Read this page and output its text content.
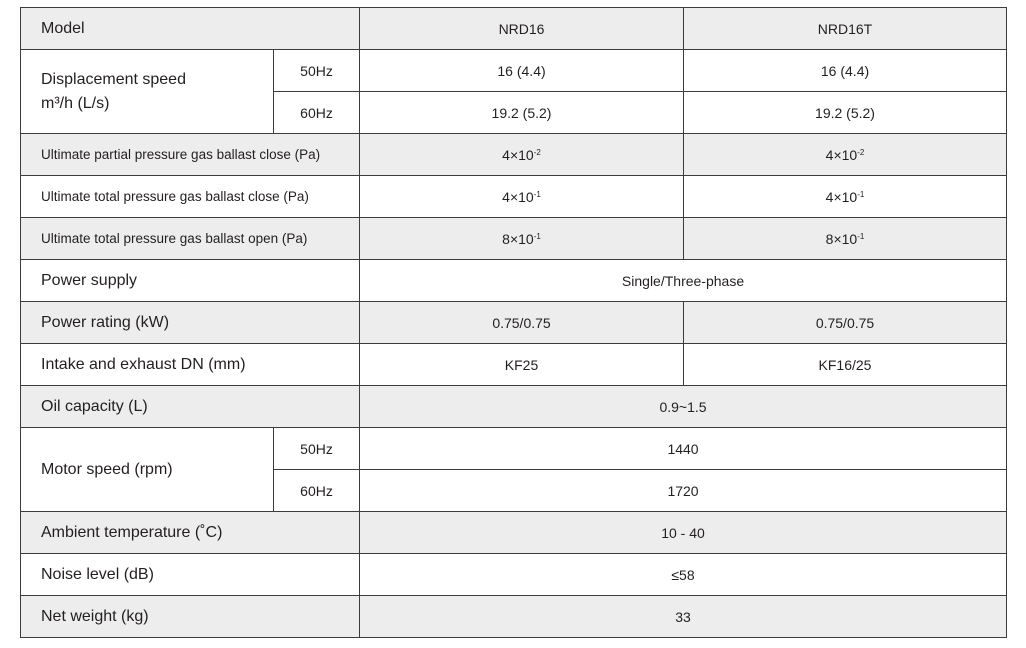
Model		NRD16	NRD16T

Displacement speed
m³/h (L/s)	50Hz	16 (4.4)	16 (4.4)
	60Hz	19.2 (5.2)	19.2 (5.2)
Ultimate partial pressure gas ballast close (Pa)		$4\times 10^{-2}$	$4\times 10^{-2}$
Ultimate total pressure gas ballast close (Pa)		$4\times 10^{-1}$	$4\times 10^{-1}$
Ultimate total pressure gas ballast open (Pa)		$8\times 10^{-1}$	$8\times 10^{-1}$
Power supply		Single/Three-phase	
Power rating (kW)		0.75/0.75	0.75/0.75
Intake and exhaust DN (mm)		KF25	KF16/25
Oil capacity (L)		0.9~1.5	
Motor speed (rpm)	50Hz	1440	
	60Hz	1720	
Ambient temperature (˚C)		10 - 40	
Noise level (dB)		≤58	
Net weight (kg)		33	
